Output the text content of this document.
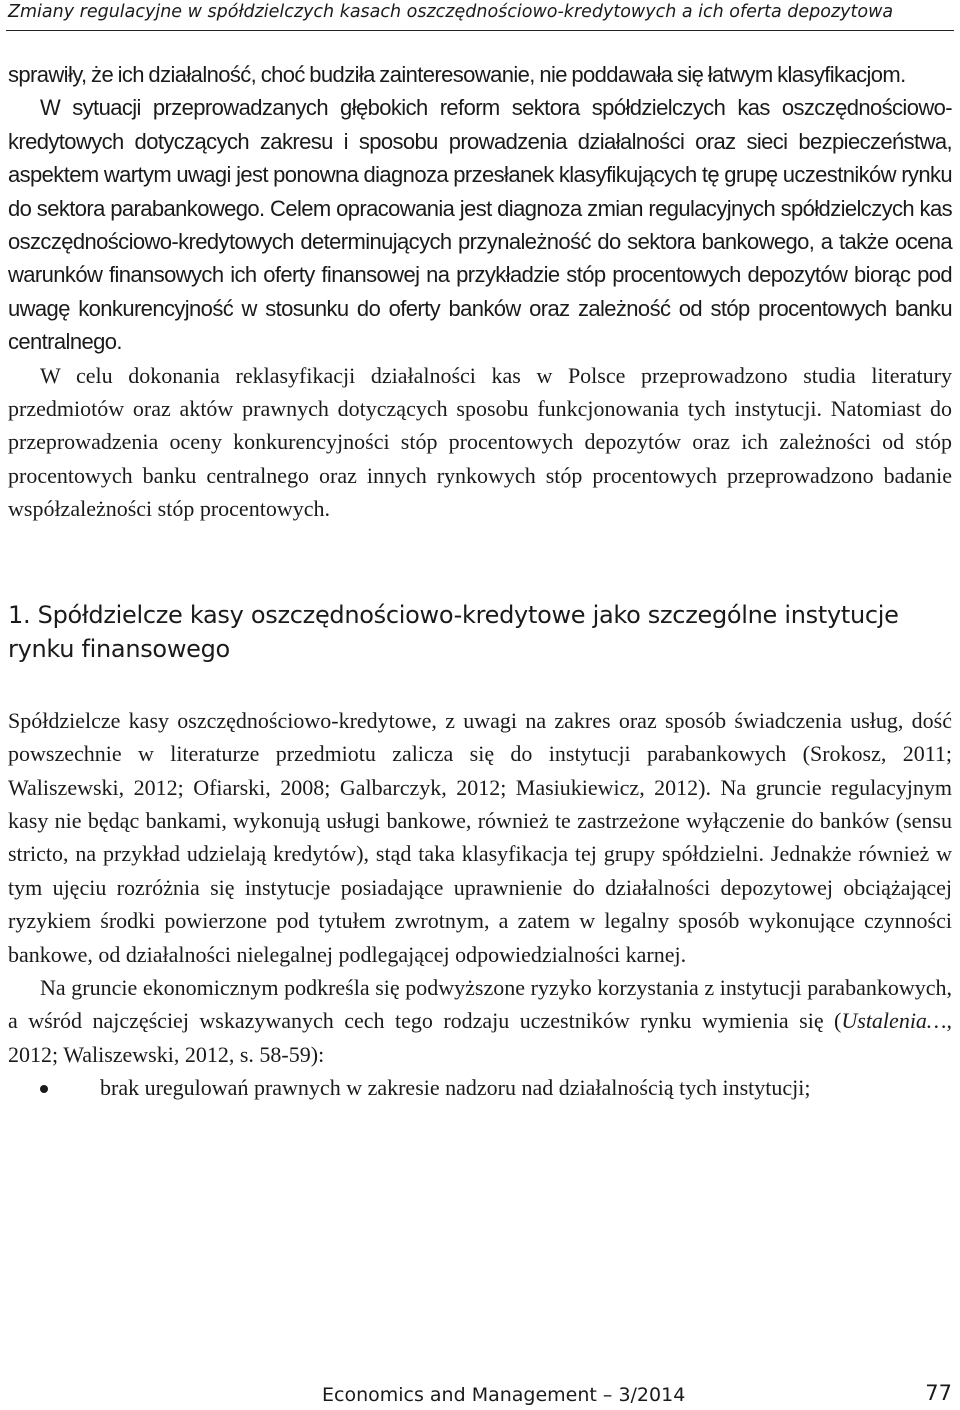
Zmiany regulacyjne w spółdzielczych kasach oszczędnościowo-kredytowych a ich oferta depozytowa

sprawiły, że ich działalność, choć budziła zainteresowanie, nie poddawała się łatwym klasyfikacjom.

W sytuacji przeprowadzanych głębokich reform sektora spółdzielczych kas oszczędnościowo-kredytowych dotyczących zakresu i sposobu prowadzenia działalności oraz sieci bezpieczeństwa, aspektem wartym uwagi jest ponowna diagnoza przesłanek klasyfikujących tę grupę uczestników rynku do sektora parabankowego. Celem opracowania jest diagnoza zmian regulacyjnych spółdzielczych kas oszczędnościowo-kredytowych determinujących przynależność do sektora bankowego, a także ocena warunków finansowych ich oferty finansowej na przykładzie stóp procentowych depozytów biorąc pod uwagę konkurencyjność w stosunku do oferty banków oraz zależność od stóp procentowych banku centralnego.

W celu dokonania reklasyfikacji działalności kas w Polsce przeprowadzono studia literatury przedmiotów oraz aktów prawnych dotyczących sposobu funkcjonowania tych instytucji. Natomiast do przeprowadzenia oceny konkurencyjności stóp procentowych depozytów oraz ich zależności od stóp procentowych banku centralnego oraz innych rynkowych stóp procentowych przeprowadzono badanie współzależności stóp procentowych.

1. Spółdzielcze kasy oszczędnościowo-kredytowe jako szczególne instytucje rynku finansowego

Spółdzielcze kasy oszczędnościowo-kredytowe, z uwagi na zakres oraz sposób świadczenia usług, dość powszechnie w literaturze przedmiotu zalicza się do instytucji parabankowych (Srokosz, 2011; Waliszewski, 2012; Ofiarski, 2008; Galbarczyk, 2012; Masiukiewicz, 2012). Na gruncie regulacyjnym kasy nie będąc bankami, wykonują usługi bankowe, również te zastrzeżone wyłączenie do banków (sensu stricto, na przykład udzielają kredytów), stąd taka klasyfikacja tej grupy spółdzielni. Jednakże również w tym ujęciu rozróżnia się instytucje posiadające uprawnienie do działalności depozytowej obciążającej ryzykiem środki powierzone pod tytułem zwrotnym, a zatem w legalny sposób wykonujące czynności bankowe, od działalności nielegalnej podlegającej odpowiedzialności karnej.

Na gruncie ekonomicznym podkreśla się podwyższone ryzyko korzystania z instytucji parabankowych, a wśród najczęściej wskazywanych cech tego rodzaju uczestników rynku wymienia się (Ustalenia…, 2012; Waliszewski, 2012, s. 58-59):

brak uregulowań prawnych w zakresie nadzoru nad działalnością tych instytucji;
Economics and Management – 3/2014	77
